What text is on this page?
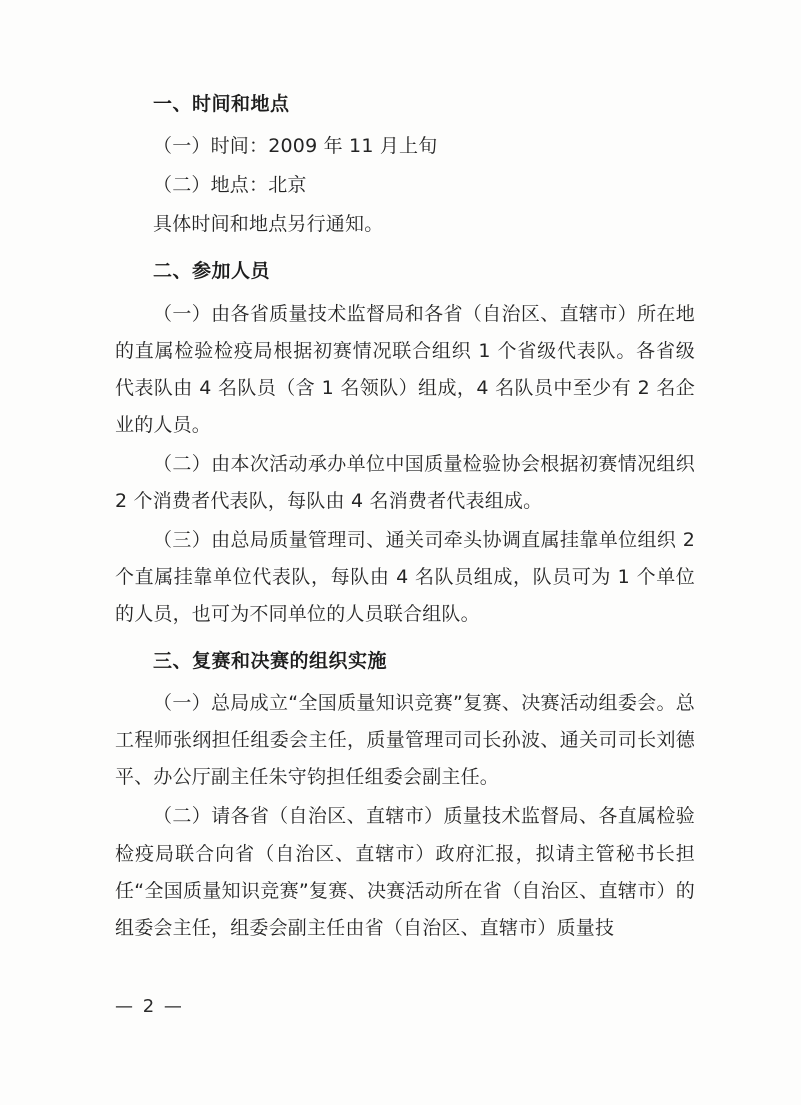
一、时间和地点

（一）时间：2009 年 11 月上旬

（二）地点：北京

具体时间和地点另行通知。

二、参加人员

（一）由各省质量技术监督局和各省（自治区、直辖市）所在地的直属检验检疫局根据初赛情况联合组织 1 个省级代表队。各省级代表队由 4 名队员（含 1 名领队）组成，4 名队员中至少有 2 名企业的人员。

（二）由本次活动承办单位中国质量检验协会根据初赛情况组织 2 个消费者代表队，每队由 4 名消费者代表组成。

（三）由总局质量管理司、通关司牵头协调直属挂靠单位组织 2 个直属挂靠单位代表队，每队由 4 名队员组成，队员可为 1 个单位的人员，也可为不同单位的人员联合组队。

三、复赛和决赛的组织实施

（一）总局成立“全国质量知识竞赛”复赛、决赛活动组委会。总工程师张纲担任组委会主任，质量管理司司长孙波、通关司司长刘德平、办公厅副主任朱守钧担任组委会副主任。

（二）请各省（自治区、直辖市）质量技术监督局、各直属检验检疫局联合向省（自治区、直辖市）政府汇报，拟请主管秘书长担任“全国质量知识竞赛”复赛、决赛活动所在省（自治区、直辖市）的组委会主任，组委会副主任由省（自治区、直辖市）质量技

— 2 —
